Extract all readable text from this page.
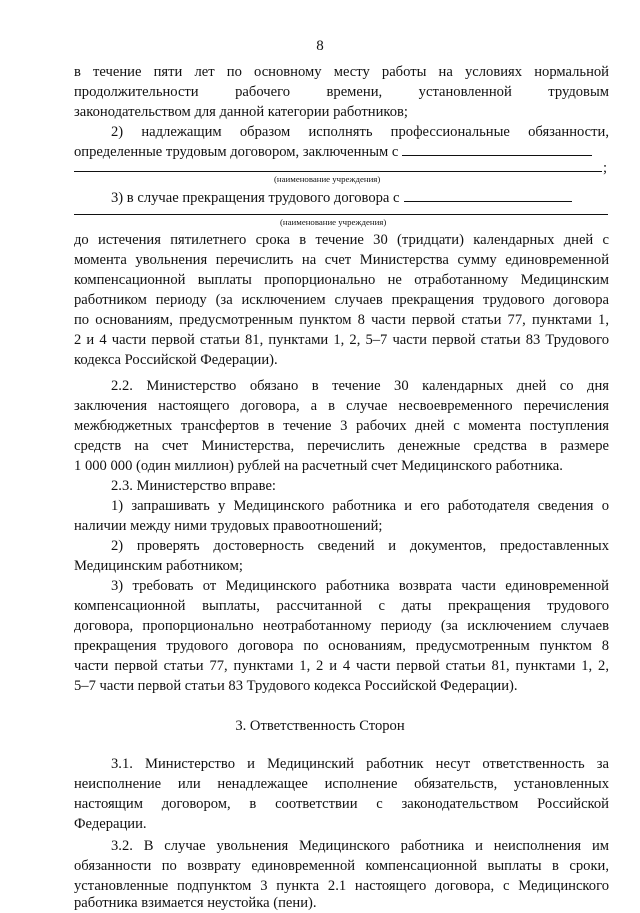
8
в течение пяти лет по основному месту работы на условиях нормальной
продолжительности рабочего времени, установленной трудовым
законодательством для данной категории работников;
2) надлежащим образом исполнять профессиональные обязанности,
определенные трудовым договором, заключенным с
;
(наименование учреждения)
3) в случае прекращения трудового договора с
(наименование учреждения)
до истечения пятилетнего срока в течение 30 (тридцати) календарных дней с
момента увольнения перечислить на счет Министерства сумму единовременной
компенсационной выплаты пропорционально не отработанному Медицинским
работником периоду (за исключением случаев прекращения трудового договора
по основаниям, предусмотренным пунктом 8 части первой статьи 77, пунктами 1,
2 и 4 части первой статьи 81, пунктами 1, 2, 5–7 части первой статьи 83 Трудового
кодекса Российской Федерации).
2.2. Министерство обязано в течение 30 календарных дней со дня
заключения настоящего договора, а в случае несвоевременного перечисления
межбюджетных трансфертов в течение 3 рабочих дней с момента поступления
средств на счет Министерства, перечислить денежные средства в размере
1 000 000 (один миллион) рублей на расчетный счет Медицинского работника.
2.3. Министерство вправе:
1) запрашивать у Медицинского работника и его работодателя сведения о
наличии между ними трудовых правоотношений;
2) проверять достоверность сведений и документов, предоставленных
Медицинским работником;
3) требовать от Медицинского работника возврата части единовременной
компенсационной выплаты, рассчитанной с даты прекращения трудового
договора, пропорционально неотработанному периоду (за исключением случаев
прекращения трудового договора по основаниям, предусмотренным пунктом 8
части первой статьи 77, пунктами 1, 2 и 4 части первой статьи 81, пунктами 1, 2,
5–7 части первой статьи 83 Трудового кодекса Российской Федерации).
3. Ответственность Сторон
3.1. Министерство и Медицинский работник несут ответственность за
неисполнение или ненадлежащее исполнение обязательств, установленных
настоящим договором, в соответствии с законодательством Российской
Федерации.
3.2. В случае увольнения Медицинского работника и неисполнения им
обязанности по возврату единовременной компенсационной выплаты в сроки,
установленные подпунктом 3 пункта 2.1 настоящего договора, с Медицинского
работника взимается неустойка (пени).
